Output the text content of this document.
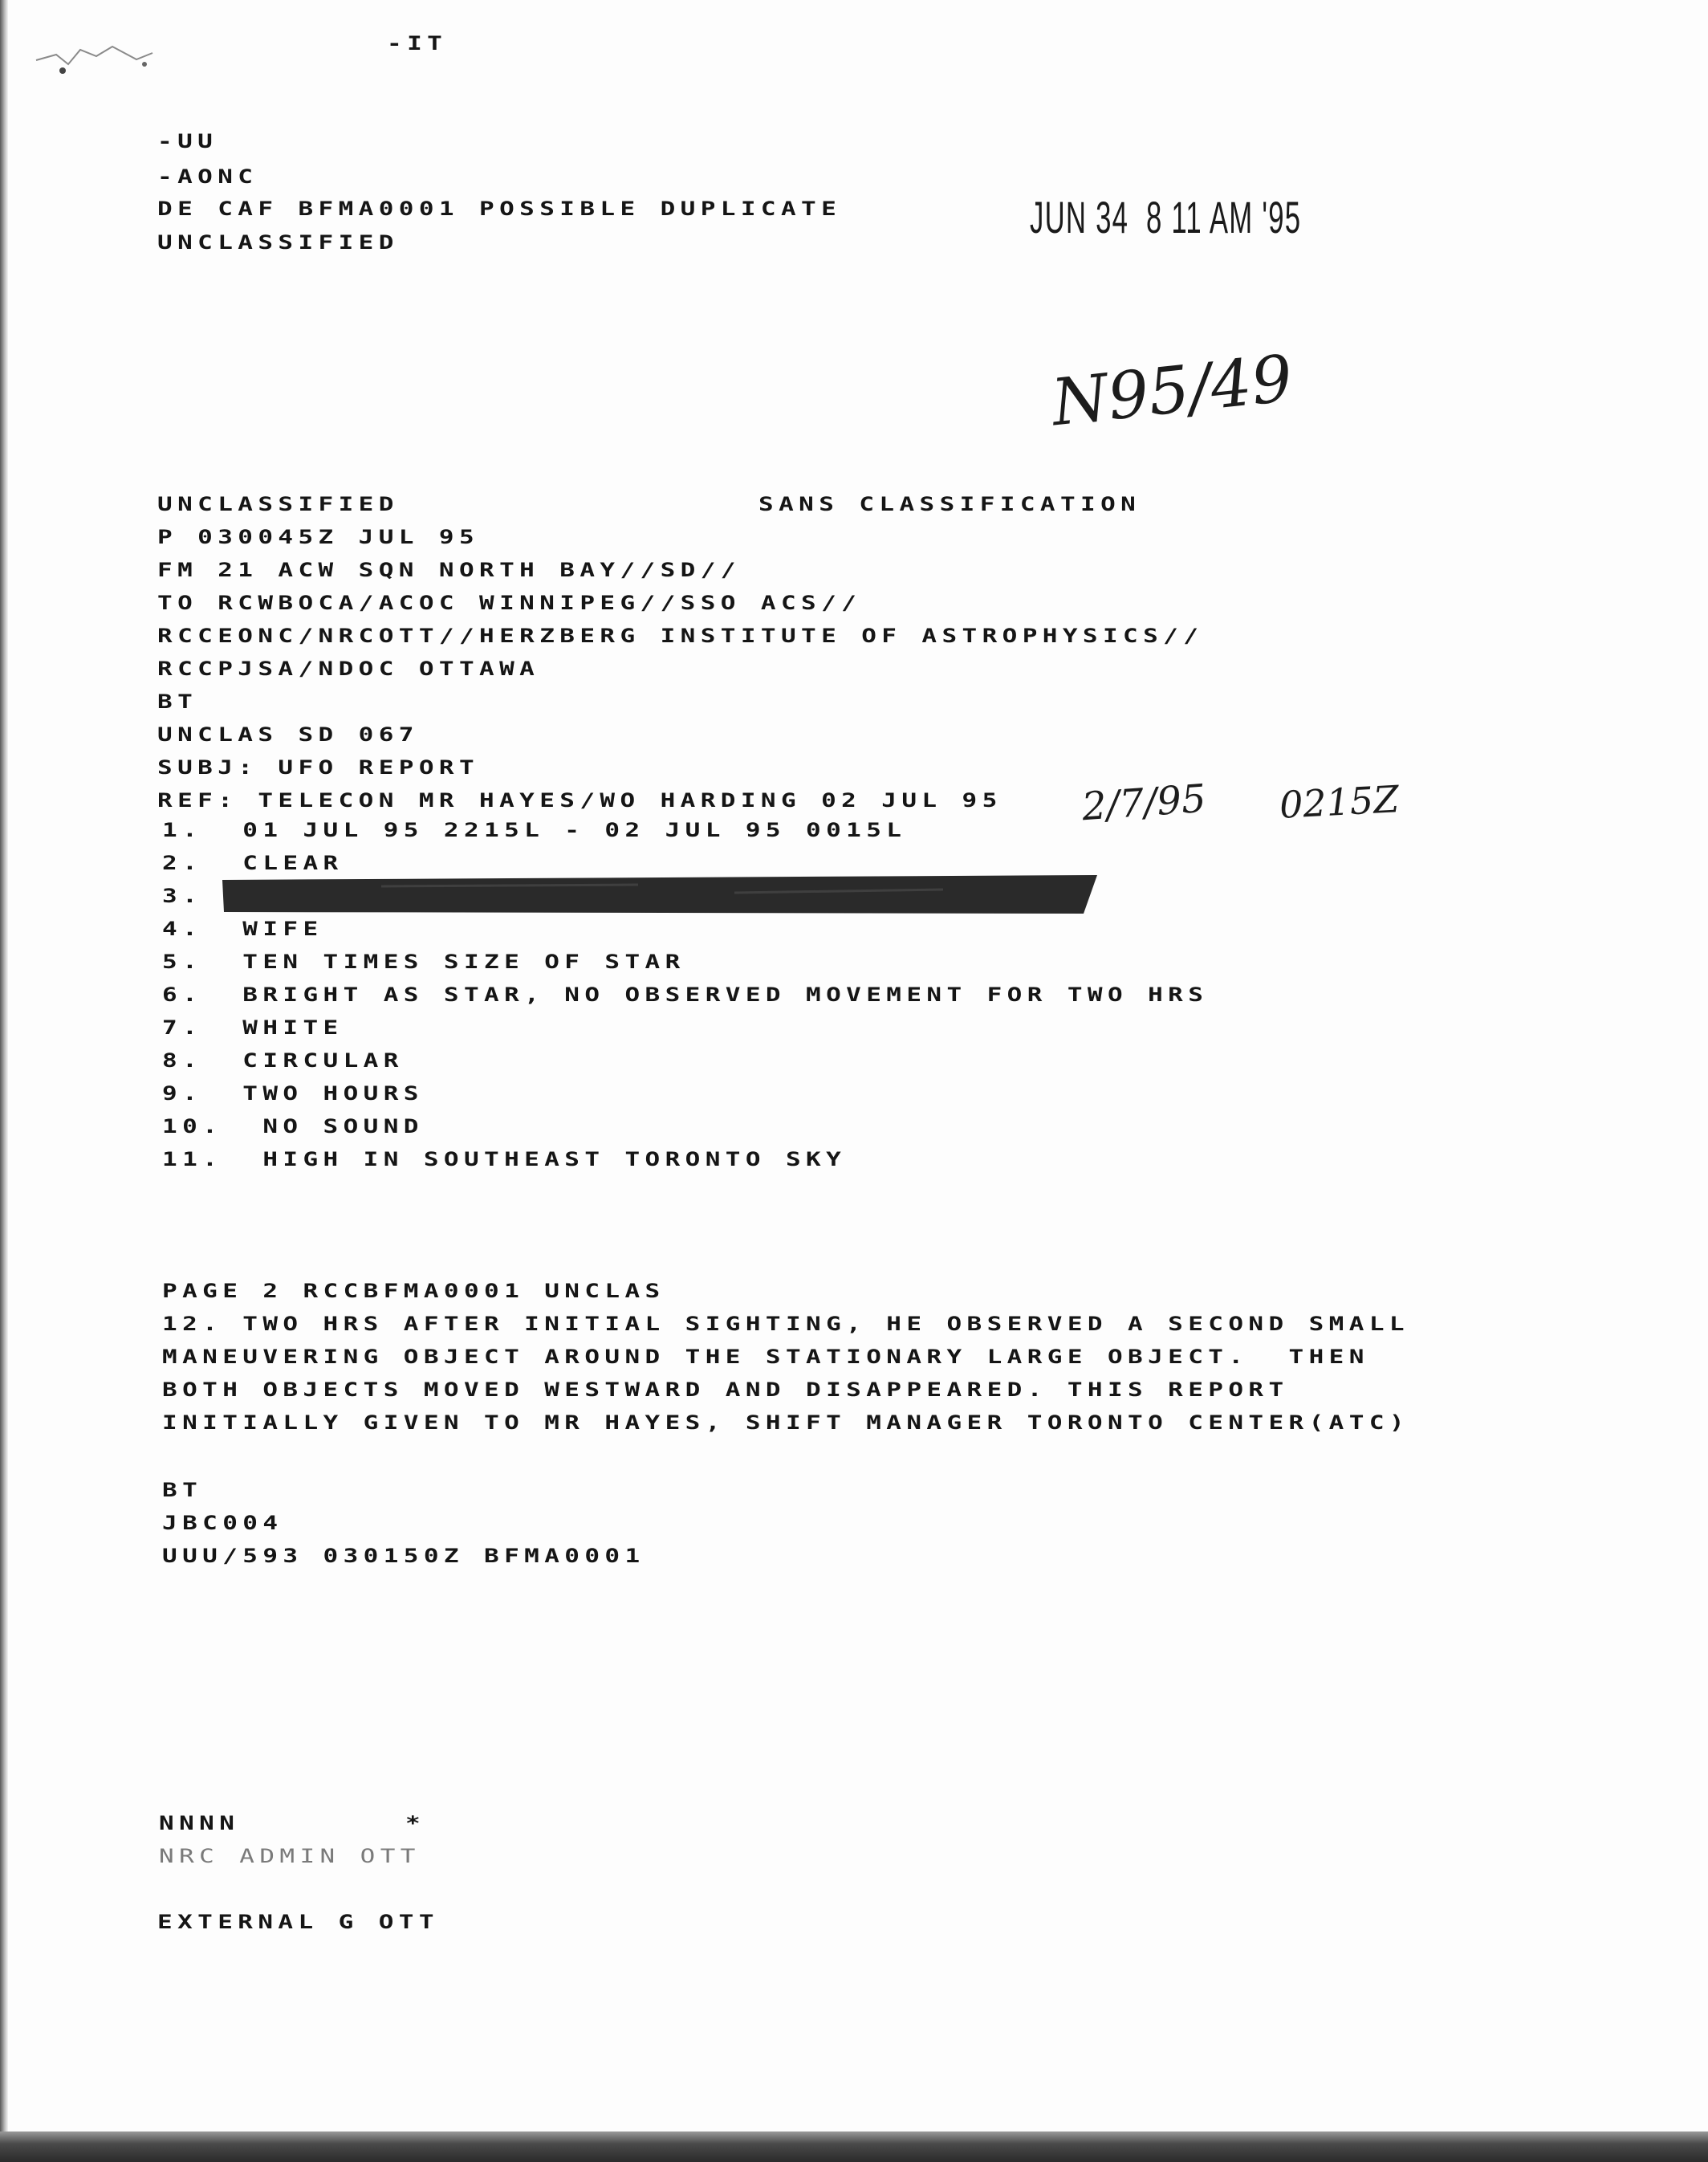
-IT
-UU
-AONC
DE CAF BFMA0001 POSSIBLE DUPLICATE
UNCLASSIFIED
JUN 34  8 11 AM '95
N95/49
UNCLASSIFIED	SANS CLASSIFICATION
P 030045Z JUL 95
FM 21 ACW SQN NORTH BAY//SD//
TO RCWBOCA/ACOC WINNIPEG//SSO ACS//
RCCEONC/NRCOTT//HERZBERG INSTITUTE OF ASTROPHYSICS//
RCCPJSA/NDOC OTTAWA
BT
UNCLAS SD 067
SUBJ: UFO REPORT
REF: TELECON MR HAYES/WO HARDING 02 JUL 95 2/7/95 0215Z
1.  01 JUL 95 2215L - 02 JUL 95 0015L
2.  CLEAR
3.
4.  WIFE
5.  TEN TIMES SIZE OF STAR
6.  BRIGHT AS STAR, NO OBSERVED MOVEMENT FOR TWO HRS
7.  WHITE
8.  CIRCULAR
9.  TWO HOURS
10.  NO SOUND
11.  HIGH IN SOUTHEAST TORONTO SKY
PAGE 2 RCCBFMA0001 UNCLAS
12. TWO HRS AFTER INITIAL SIGHTING, HE OBSERVED A SECOND SMALL
MANEUVERING OBJECT AROUND THE STATIONARY LARGE OBJECT.  THEN
BOTH OBJECTS MOVED WESTWARD AND DISAPPEARED. THIS REPORT
INITIALLY GIVEN TO MR HAYES, SHIFT MANAGER TORONTO CENTER(ATC)
BT
JBC004
UUU/593 030150Z BFMA0001
NNNN	*
NRC ADMIN OTT
EXTERNAL G OTT
